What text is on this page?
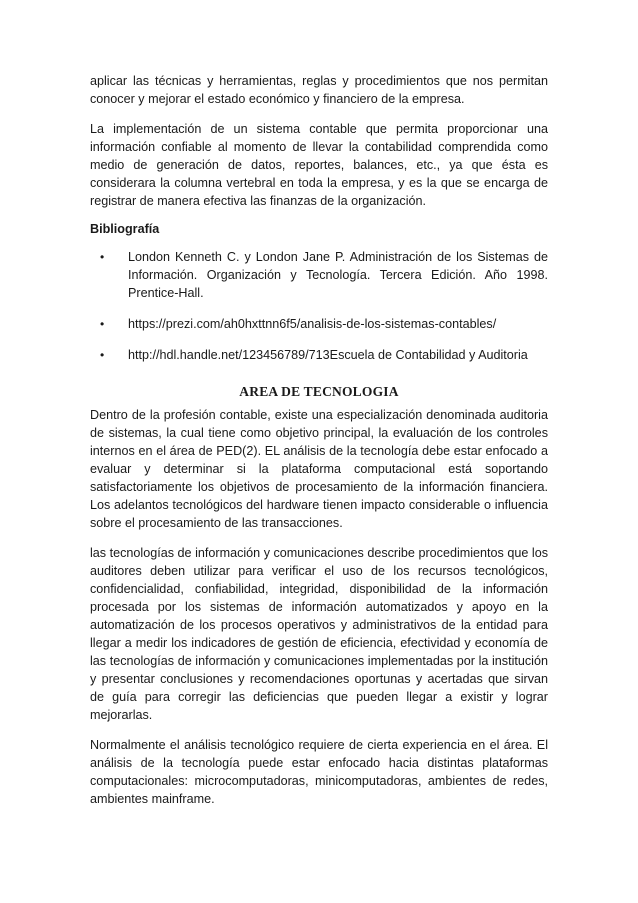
aplicar las técnicas y herramientas, reglas y procedimientos que nos permitan conocer y mejorar el estado económico y financiero de la empresa.

La implementación de un sistema contable que permita proporcionar una información confiable al momento de llevar la contabilidad comprendida como medio de generación de datos, reportes, balances, etc., ya que ésta es considerara la columna vertebral en toda la empresa, y es la que se encarga de registrar de manera efectiva las finanzas de la organización.

Bibliografía
• London Kenneth C. y London Jane P. Administración de los Sistemas de Información. Organización y Tecnología. Tercera Edición. Año 1998. Prentice-Hall.
• https://prezi.com/ah0hxttnn6f5/analisis-de-los-sistemas-contables/
• http://hdl.handle.net/123456789/713Escuela de Contabilidad y Auditoria
AREA DE TECNOLOGIA

Dentro de la profesión contable, existe una especialización denominada auditoria de sistemas, la cual tiene como objetivo principal, la evaluación de los controles internos en el área de PED(2). EL análisis de la tecnología debe estar enfocado a evaluar y determinar si la plataforma computacional está soportando satisfactoriamente los objetivos de procesamiento de la información financiera. Los adelantos tecnológicos del hardware tienen impacto considerable o influencia sobre el procesamiento de las transacciones.

las tecnologías de información y comunicaciones describe procedimientos que los auditores deben utilizar para verificar el uso de los recursos tecnológicos, confidencialidad, confiabilidad, integridad, disponibilidad de la información procesada por los sistemas de información automatizados y apoyo en la automatización de los procesos operativos y administrativos de la entidad para llegar a medir los indicadores de gestión de eficiencia, efectividad y economía de las tecnologías de información y comunicaciones implementadas por la institución y presentar conclusiones y recomendaciones oportunas y acertadas que sirvan de guía para corregir las deficiencias que pueden llegar a existir y lograr mejorarlas.

Normalmente el análisis tecnológico requiere de cierta experiencia en el área. El análisis de la tecnología puede estar enfocado hacia distintas plataformas computacionales: microcomputadoras, minicomputadoras, ambientes de redes, ambientes mainframe.
